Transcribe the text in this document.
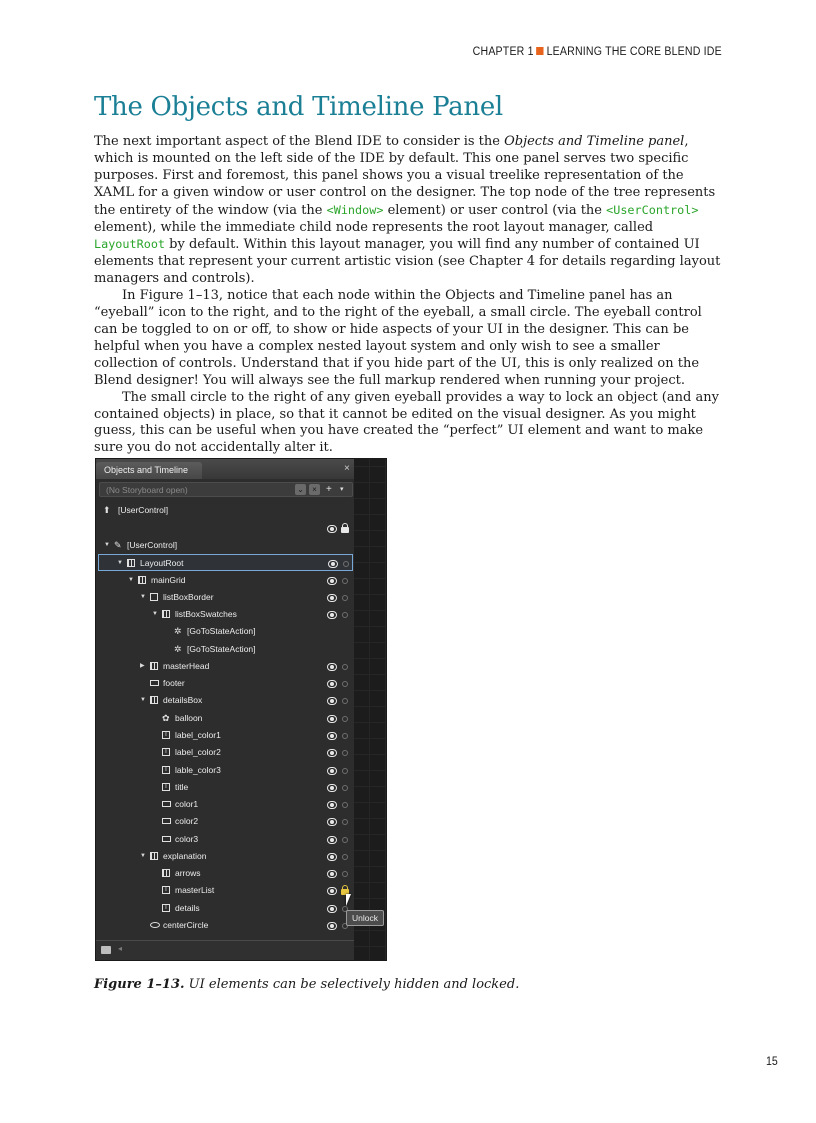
CHAPTER 1 LEARNING THE CORE BLEND IDE
The Objects and Timeline Panel

The next important aspect of the Blend IDE to consider is the Objects and Timeline panel, which is mounted on the left side of the IDE by default. This one panel serves two specific purposes. First and foremost, this panel shows you a visual treelike representation of the XAML for a given window or user control on the designer. The top node of the tree represents the entirety of the window (via the <Window> element) or user control (via the <UserControl> element), while the immediate child node represents the root layout manager, called LayoutRoot by default. Within this layout manager, you will find any number of contained UI elements that represent your current artistic vision (see Chapter 4 for details regarding layout managers and controls).

In Figure 1–13, notice that each node within the Objects and Timeline panel has an “eyeball” icon to the right, and to the right of the eyeball, a small circle. The eyeball control can be toggled to on or off, to show or hide aspects of your UI in the designer. This can be helpful when you have a complex nested layout system and only wish to see a smaller collection of controls. Understand that if you hide part of the UI, this is only realized on the Blend designer! You will always see the full markup rendered when running your project.

The small circle to the right of any given eyeball provides a way to lock an object (and any contained objects) in place, so that it cannot be edited on the visual designer. As you might guess, this can be useful when you have created the “perfect” UI element and want to make sure you do not accidentally alter it.

Objects and Timeline	×
(No Storyboard open)	⌄	× + ▾
⬆ [UserControl]
▼ ✎ [UserControl]
▼ LayoutRoot
▼ mainGrid
▼ listBoxBorder
▼ listBoxSwatches
✲ [GoToStateAction]
✲ [GoToStateAction]
▶ masterHead
footer
▼ detailsBox
✿ balloon
T label_color1
T label_color2
T lable_color3
T title
color1
color2
color3
▼ explanation
arrows
T masterList
T details
centerCircle
Unlock
◂

Figure 1–13. UI elements can be selectively hidden and locked.

15
